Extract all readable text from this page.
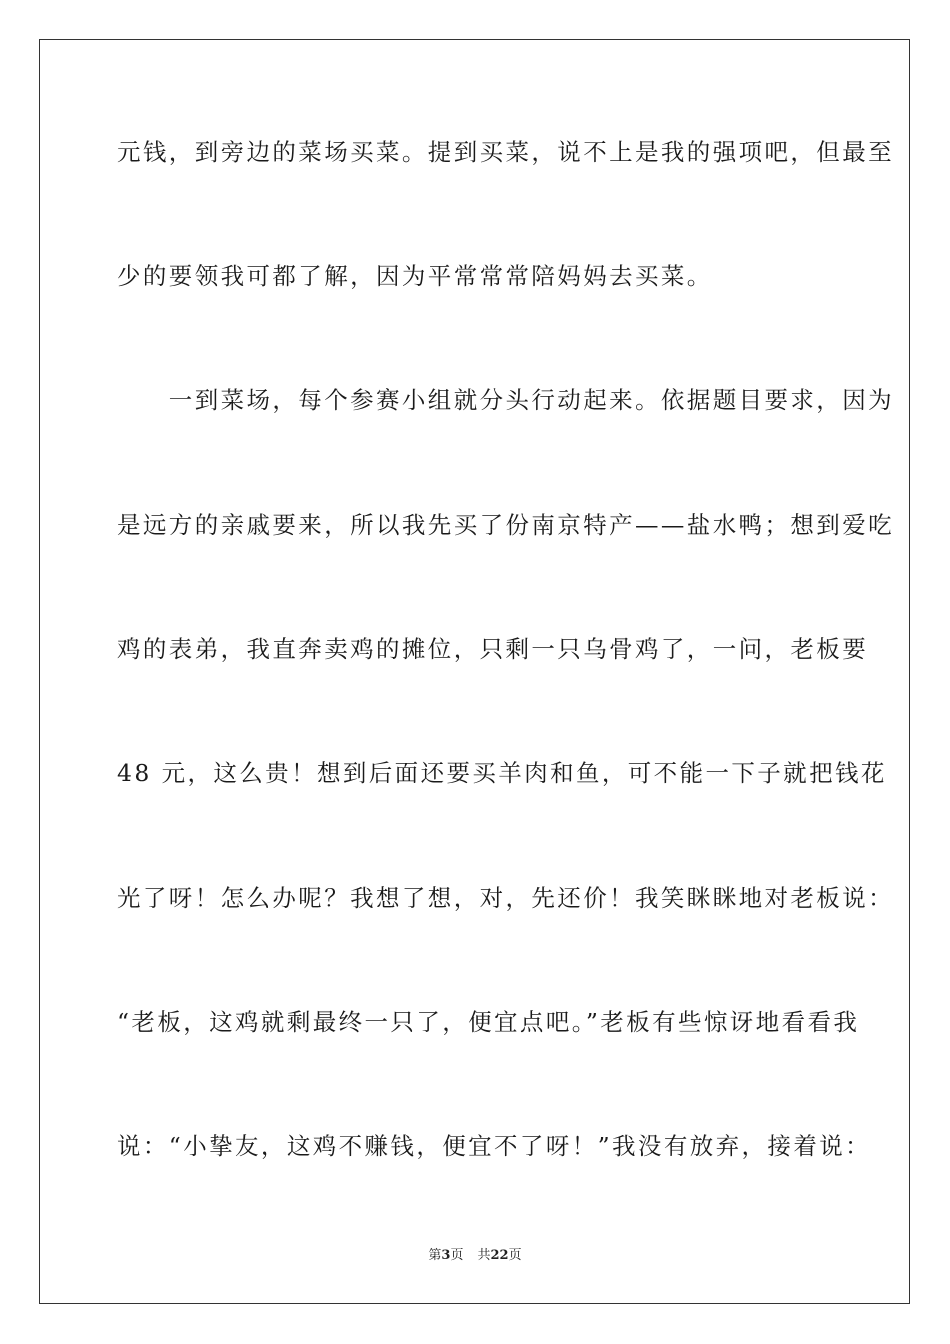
元钱，到旁边的菜场买菜。提到买菜，说不上是我的强项吧，但最至
少的要领我可都了解，因为平常常常陪妈妈去买菜。
　　一到菜场，每个参赛小组就分头行动起来。依据题目要求，因为
是远方的亲戚要来，所以我先买了份南京特产——盐水鸭；想到爱吃
鸡的表弟，我直奔卖鸡的摊位，只剩一只乌骨鸡了，一问，老板要
48 元，这么贵！想到后面还要买羊肉和鱼，可不能一下子就把钱花
光了呀！怎么办呢？我想了想，对，先还价！我笑眯眯地对老板说：
“老板，这鸡就剩最终一只了，便宜点吧。”老板有些惊讶地看看我
说：“小挚友，这鸡不赚钱，便宜不了呀！”我没有放弃，接着说：
第3页 共22页
